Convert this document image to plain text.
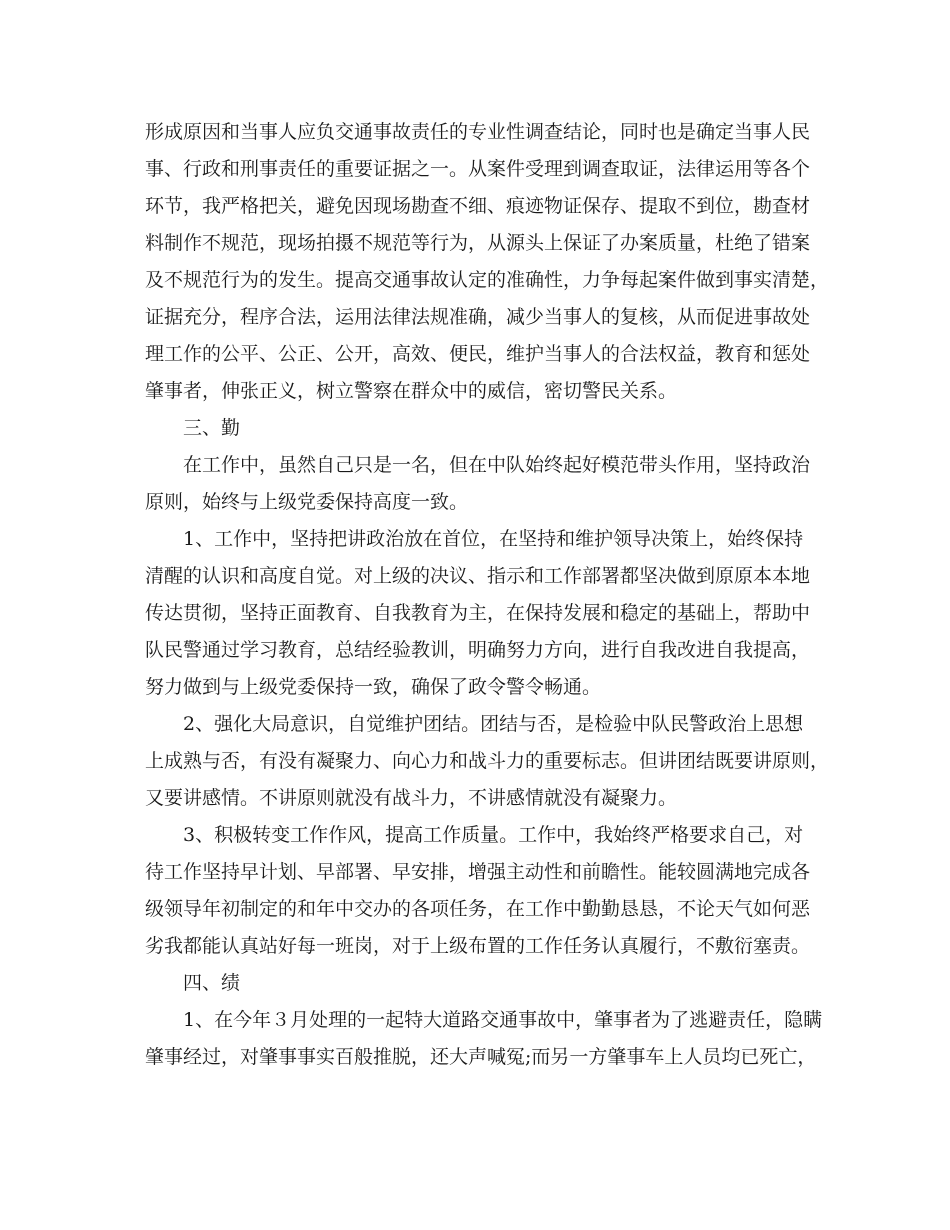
形成原因和当事人应负交通事故责任的专业性调查结论，同时也是确定当事人民
事、行政和刑事责任的重要证据之一。从案件受理到调查取证，法律运用等各个
环节，我严格把关，避免因现场勘查不细、痕迹物证保存、提取不到位，勘查材
料制作不规范，现场拍摄不规范等行为，从源头上保证了办案质量，杜绝了错案
及不规范行为的发生。提高交通事故认定的准确性，力争每起案件做到事实清楚，
证据充分，程序合法，运用法律法规准确，减少当事人的复核，从而促进事故处
理工作的公平、公正、公开，高效、便民，维护当事人的合法权益，教育和惩处
肇事者，伸张正义，树立警察在群众中的威信，密切警民关系。
三、勤
在工作中，虽然自己只是一名，但在中队始终起好模范带头作用，坚持政治
原则，始终与上级党委保持高度一致。
1、工作中，坚持把讲政治放在首位，在坚持和维护领导决策上，始终保持
清醒的认识和高度自觉。对上级的决议、指示和工作部署都坚决做到原原本本地
传达贯彻，坚持正面教育、自我教育为主，在保持发展和稳定的基础上，帮助中
队民警通过学习教育，总结经验教训，明确努力方向，进行自我改进自我提高，
努力做到与上级党委保持一致，确保了政令警令畅通。
2、强化大局意识，自觉维护团结。团结与否，是检验中队民警政治上思想
上成熟与否，有没有凝聚力、向心力和战斗力的重要标志。但讲团结既要讲原则，
又要讲感情。不讲原则就没有战斗力，不讲感情就没有凝聚力。
3、积极转变工作作风，提高工作质量。工作中，我始终严格要求自己，对
待工作坚持早计划、早部署、早安排，增强主动性和前瞻性。能较圆满地完成各
级领导年初制定的和年中交办的各项任务，在工作中勤勤恳恳，不论天气如何恶
劣我都能认真站好每一班岗，对于上级布置的工作任务认真履行，不敷衍塞责。
四、绩
1、在今年３月处理的一起特大道路交通事故中，肇事者为了逃避责任，隐瞒
肇事经过，对肇事事实百般推脱，还大声喊冤;而另一方肇事车上人员均已死亡，
